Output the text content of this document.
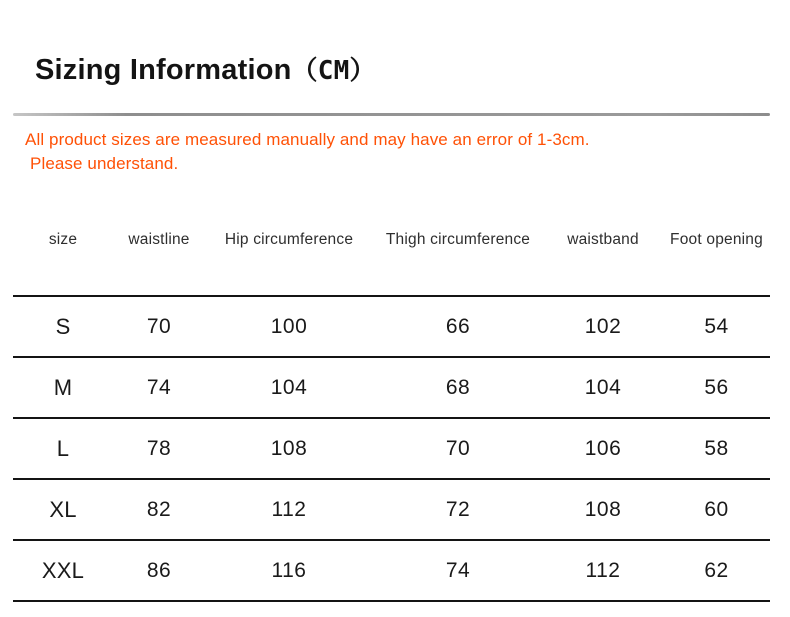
Sizing Information（CM）
All product sizes are measured manually and may have an error of 1-3cm.
Please understand.
size	waistline	Hip circumference	Thigh circumference	waistband	Foot opening
S	70	100	66	102	54
M	74	104	68	104	56
L	78	108	70	106	58
XL	82	112	72	108	60
XXL	86	116	74	112	62
